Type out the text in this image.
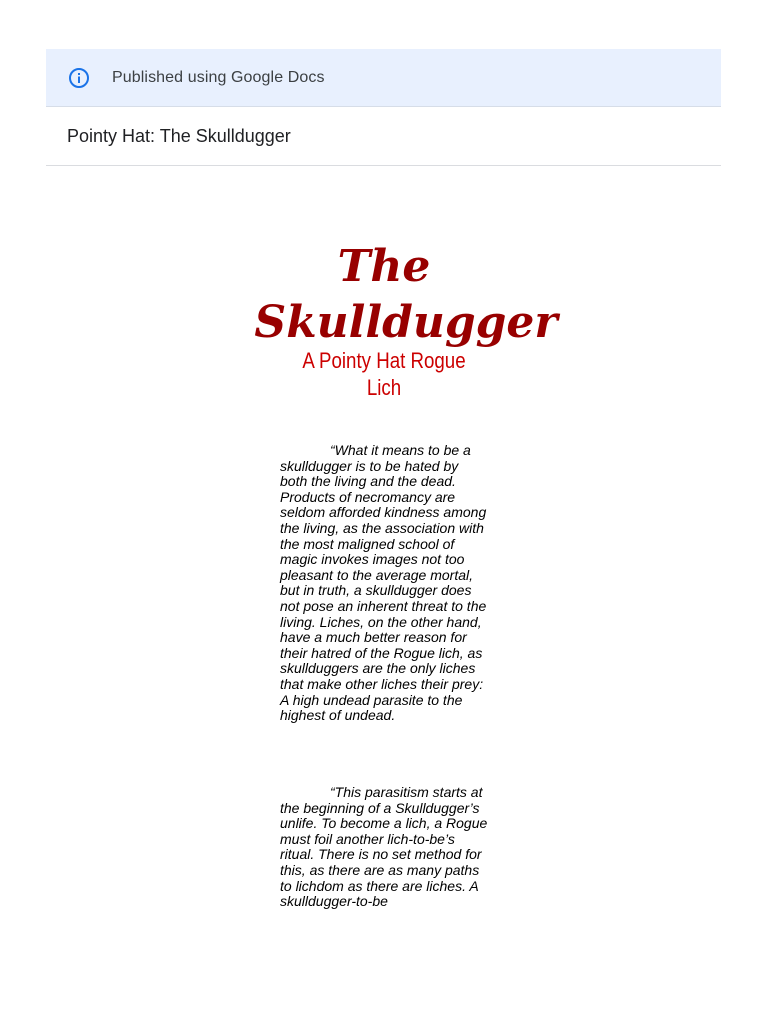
Published using Google Docs
Pointy Hat: The Skulldugger
The
Skulldugger
A Pointy Hat Rogue
Lich

“What it means to be a skulldugger is to be hated by both the living and the dead. Products of necromancy are seldom afforded kindness among the living, as the association with the most maligned school of magic invokes images not too pleasant to the average mortal, but in truth, a skulldugger does not pose an inherent threat to the living. Liches, on the other hand, have a much better reason for their hatred of the Rogue lich, as skulldugger​s are the only liches that make other liches their prey: A high undead parasite to the highest of undead.

“This parasitism starts at the beginning of a Skulldugger’s unlife. To become a lich, a Rogue must foil another lich-to-be’s ritual. There is no set method for this, as there are as many paths to lichdom as there are liches. A skulldugger-to-be
